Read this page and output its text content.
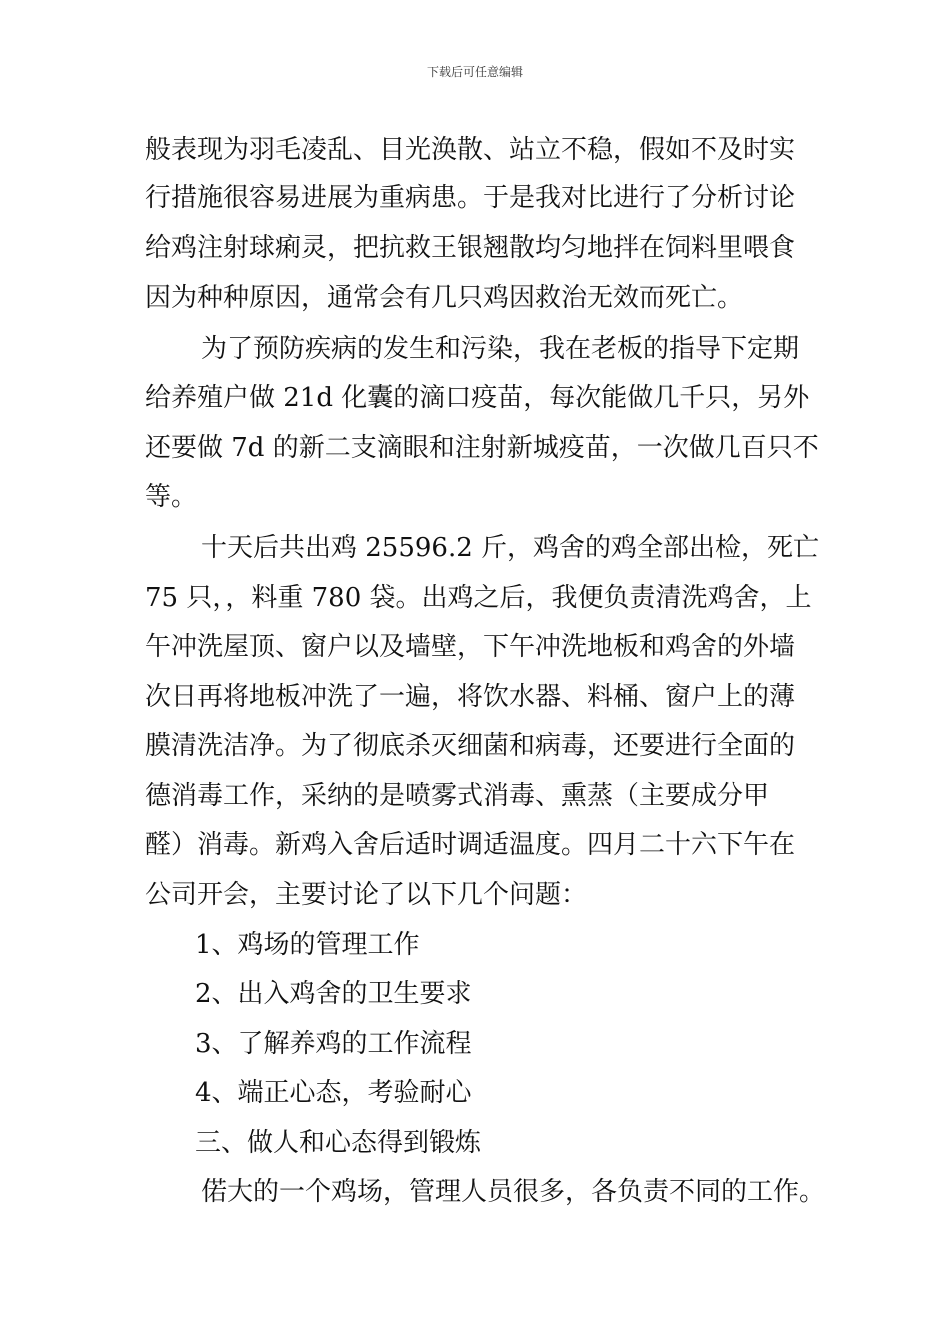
下载后可任意编辑
般表现为羽毛凌乱、目光涣散、站立不稳，假如不及时实
行措施很容易进展为重病患。于是我对比进行了分析讨论
给鸡注射球痢灵，把抗救王银翘散均匀地拌在饲料里喂食
因为种种原因，通常会有几只鸡因救治无效而死亡。
为了预防疾病的发生和污染，我在老板的指导下定期
给养殖户做 21d 化囊的滴口疫苗，每次能做几千只，另外
还要做 7d 的新二支滴眼和注射新城疫苗，一次做几百只不
等。
十天后共出鸡 25596.2 斤，鸡舍的鸡全部出检，死亡
75 只，，料重 780 袋。出鸡之后，我便负责清洗鸡舍，上
午冲洗屋顶、窗户以及墙壁，下午冲洗地板和鸡舍的外墙
次日再将地板冲洗了一遍，将饮水器、料桶、窗户上的薄
膜清洗洁净。为了彻底杀灭细菌和病毒，还要进行全面的
德消毒工作，采纳的是喷雾式消毒、熏蒸（主要成分甲
醛）消毒。新鸡入舍后适时调适温度。四月二十六下午在
公司开会，主要讨论了以下几个问题：
1、鸡场的管理工作
2、出入鸡舍的卫生要求
3、了解养鸡的工作流程
4、端正心态，考验耐心
三、做人和心态得到锻炼
偌大的一个鸡场，管理人员很多，各负责不同的工作。
